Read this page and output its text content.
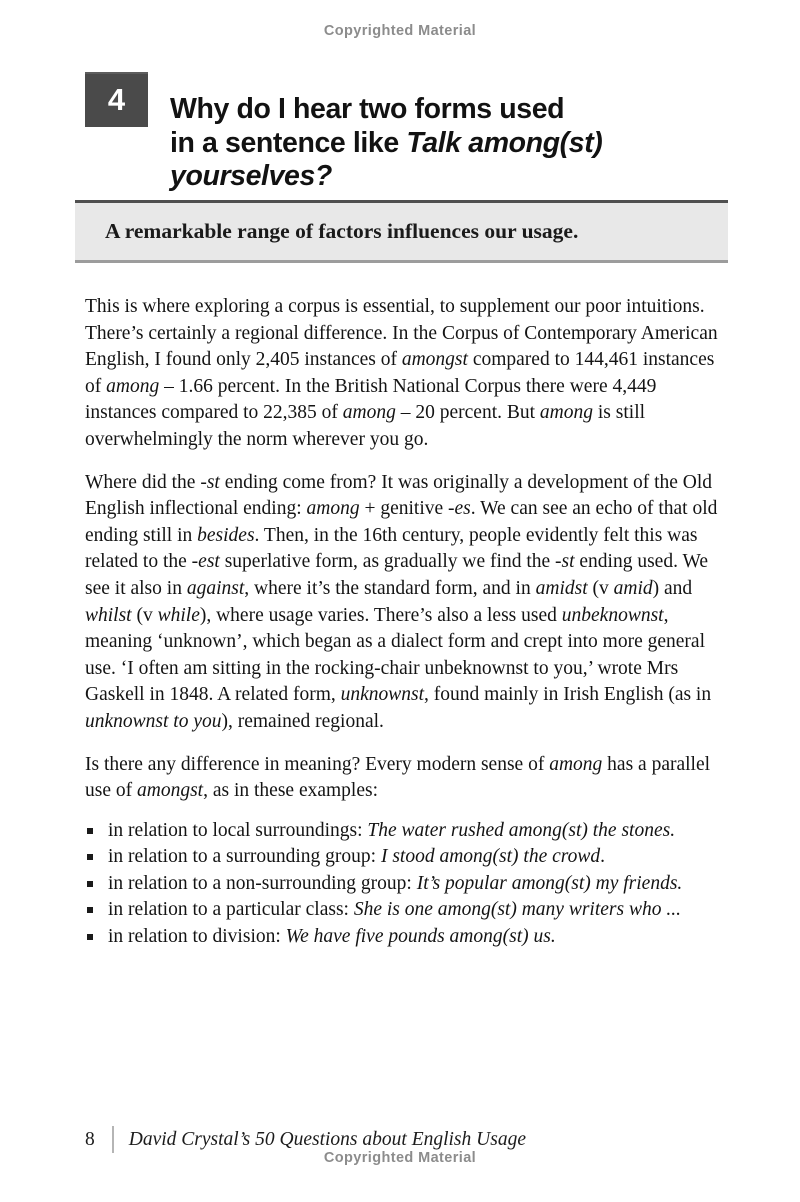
Copyrighted Material
4 Why do I hear two forms used
in a sentence like Talk among(st)
yourselves?
A remarkable range of factors influences our usage.

This is where exploring a corpus is essential, to supplement our poor intuitions. There’s certainly a regional difference. In the Corpus of Contemporary American English, I found only 2,405 instances of amongst compared to 144,461 instances of among – 1.66 percent. In the British National Corpus there were 4,449 instances compared to 22,385 of among – 20 percent. But among is still overwhelmingly the norm wherever you go.

Where did the -st ending come from? It was originally a development of the Old English inflectional ending: among + genitive -es. We can see an echo of that old ending still in besides. Then, in the 16th century, people evidently felt this was related to the -est superlative form, as gradually we find the -st ending used. We see it also in against, where it’s the standard form, and in amidst (v amid) and whilst (v while), where usage varies. There’s also a less used unbeknownst, meaning ‘unknown’, which began as a dialect form and crept into more general use. ‘I often am sitting in the rocking-chair unbeknownst to you,’ wrote Mrs Gaskell in 1848. A related form, unknownst, found mainly in Irish English (as in unknownst to you), remained regional.

Is there any difference in meaning? Every modern sense of among has a parallel use of amongst, as in these examples:

in relation to local surroundings: The water rushed among(st) the stones.
in relation to a surrounding group: I stood among(st) the crowd.
in relation to a non-surrounding group: It’s popular among(st) my friends.
in relation to a particular class: She is one among(st) many writers who ...
in relation to division: We have five pounds among(st) us.
8 David Crystal’s 50 Questions about English Usage
Copyrighted Material
